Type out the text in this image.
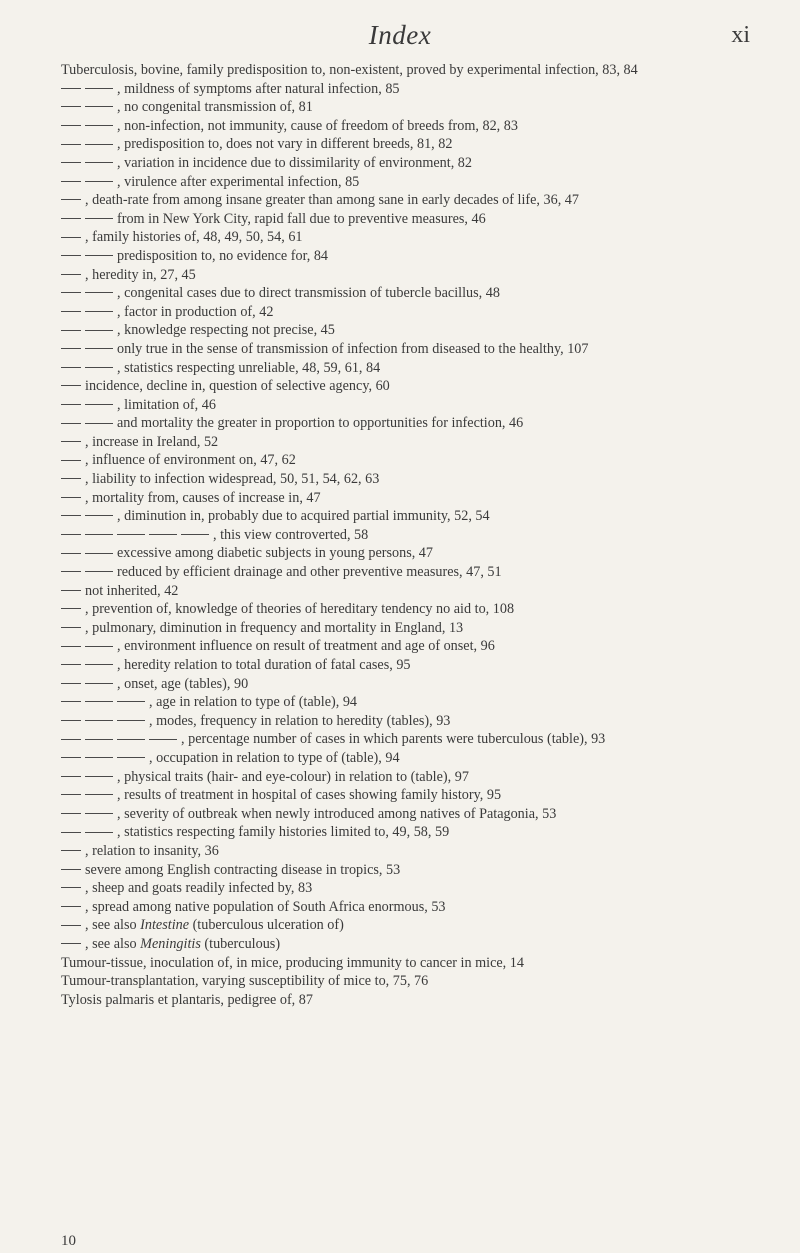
Index	xi

Tuberculosis, bovine, family predisposition to, non-existent, proved by experimental infection, 83, 84

, mildness of symptoms after natural infection, 85

, no congenital transmission of, 81

, non-infection, not immunity, cause of freedom of breeds from, 82, 83

, predisposition to, does not vary in different breeds, 81, 82

, variation in incidence due to dissimilarity of environment, 82

, virulence after experimental infection, 85

, death-rate from among insane greater than among sane in early decades of life, 36, 47

from in New York City, rapid fall due to preventive measures, 46

, family histories of, 48, 49, 50, 54, 61

predisposition to, no evidence for, 84

, heredity in, 27, 45

, congenital cases due to direct transmission of tubercle bacillus, 48

, factor in production of, 42

, knowledge respecting not precise, 45

only true in the sense of transmission of infection from diseased to the healthy, 107

, statistics respecting unreliable, 48, 59, 61, 84

incidence, decline in, question of selective agency, 60

, limitation of, 46

and mortality the greater in proportion to opportunities for infection, 46

, increase in Ireland, 52

, influence of environment on, 47, 62

, liability to infection widespread, 50, 51, 54, 62, 63

, mortality from, causes of increase in, 47

, diminution in, probably due to acquired partial immunity, 52, 54

, this view controverted, 58

excessive among diabetic subjects in young persons, 47

reduced by efficient drainage and other preventive measures, 47, 51

not inherited, 42

, prevention of, knowledge of theories of hereditary tendency no aid to, 108

, pulmonary, diminution in frequency and mortality in England, 13

, environment influence on result of treatment and age of onset, 96

, heredity relation to total duration of fatal cases, 95

, onset, age (tables), 90

, age in relation to type of (table), 94

, modes, frequency in relation to heredity (tables), 93

, percentage number of cases in which parents were tuberculous (table), 93

, occupation in relation to type of (table), 94

, physical traits (hair- and eye-colour) in relation to (table), 97

, results of treatment in hospital of cases showing family history, 95

, severity of outbreak when newly introduced among natives of Patagonia, 53

, statistics respecting family histories limited to, 49, 58, 59

, relation to insanity, 36

severe among English contracting disease in tropics, 53

, sheep and goats readily infected by, 83

, spread among native population of South Africa enormous, 53

, see also Intestine (tuberculous ulceration of)

, see also Meningitis (tuberculous)

Tumour-tissue, inoculation of, in mice, producing immunity to cancer in mice, 14

Tumour-transplantation, varying susceptibility of mice to, 75, 76

Tylosis palmaris et plantaris, pedigree of, 87

10
